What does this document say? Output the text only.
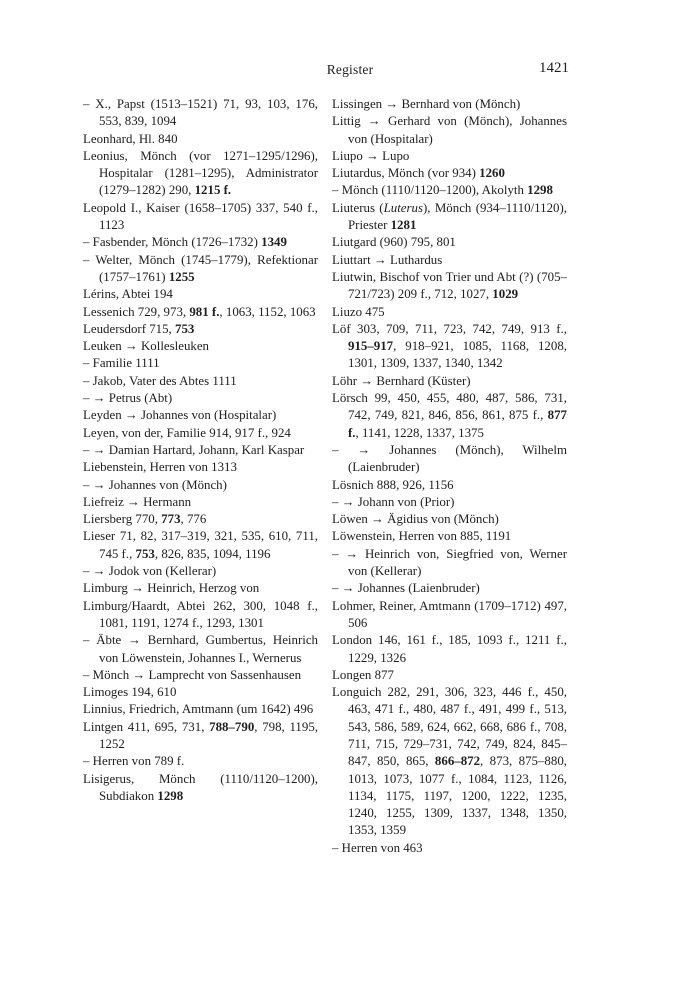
Register	1421

– X., Papst (1513–1521) 71, 93, 103, 176, 553, 839, 1094

Leonhard, Hl. 840

Leonius, Mönch (vor 1271–1295/1296), Hospitalar (1281–1295), Administrator (1279–1282) 290, 1215 f.

Leopold I., Kaiser (1658–1705) 337, 540 f., 1123

– Fasbender, Mönch (1726–1732) 1349

– Welter, Mönch (1745–1779), Refektionar (1757–1761) 1255

Lérins, Abtei 194

Lessenich 729, 973, 981 f., 1063, 1152, 1063

Leudersdorf 715, 753

Leuken → Kollesleuken

– Familie 1111

– Jakob, Vater des Abtes 1111

– → Petrus (Abt)

Leyden → Johannes von (Hospitalar)

Leyen, von der, Familie 914, 917 f., 924

– → Damian Hartard, Johann, Karl Kaspar

Liebenstein, Herren von 1313

– → Johannes von (Mönch)

Liefreiz → Hermann

Liersberg 770, 773, 776

Lieser 71, 82, 317–319, 321, 535, 610, 711, 745 f., 753, 826, 835, 1094, 1196

– → Jodok von (Kellerar)

Limburg → Heinrich, Herzog von

Limburg/Haardt, Abtei 262, 300, 1048 f., 1081, 1191, 1274 f., 1293, 1301

– Äbte → Bernhard, Gumbertus, Heinrich von Löwenstein, Johannes I., Wernerus

– Mönch → Lamprecht von Sassenhausen

Limoges 194, 610

Linnius, Friedrich, Amtmann (um 1642) 496

Lintgen 411, 695, 731, 788–790, 798, 1195, 1252

– Herren von 789 f.

Lisigerus, Mönch (1110/1120–1200), Subdiakon 1298

Lissingen → Bernhard von (Mönch)

Littig → Gerhard von (Mönch), Johannes von (Hospitalar)

Liupo → Lupo

Liutardus, Mönch (vor 934) 1260

– Mönch (1110/1120–1200), Akolyth 1298

Liuterus (Luterus), Mönch (934–1110/1120), Priester 1281

Liutgard (960) 795, 801

Liuttart → Luthardus

Liutwin, Bischof von Trier und Abt (?) (705–721/723) 209 f., 712, 1027, 1029

Liuzo 475

Löf 303, 709, 711, 723, 742, 749, 913 f., 915–917, 918–921, 1085, 1168, 1208, 1301, 1309, 1337, 1340, 1342

Löhr → Bernhard (Küster)

Lörsch 99, 450, 455, 480, 487, 586, 731, 742, 749, 821, 846, 856, 861, 875 f., 877 f., 1141, 1228, 1337, 1375

– → Johannes (Mönch), Wilhelm (Laienbruder)

Lösnich 888, 926, 1156

– → Johann von (Prior)

Löwen → Ägidius von (Mönch)

Löwenstein, Herren von 885, 1191

– → Heinrich von, Siegfried von, Werner von (Kellerar)

– → Johannes (Laienbruder)

Lohmer, Reiner, Amtmann (1709–1712) 497, 506

London 146, 161 f., 185, 1093 f., 1211 f., 1229, 1326

Longen 877

Longuich 282, 291, 306, 323, 446 f., 450, 463, 471 f., 480, 487 f., 491, 499 f., 513, 543, 586, 589, 624, 662, 668, 686 f., 708, 711, 715, 729–731, 742, 749, 824, 845–847, 850, 865, 866–872, 873, 875–880, 1013, 1073, 1077 f., 1084, 1123, 1126, 1134, 1175, 1197, 1200, 1222, 1235, 1240, 1255, 1309, 1337, 1348, 1350, 1353, 1359

– Herren von 463
